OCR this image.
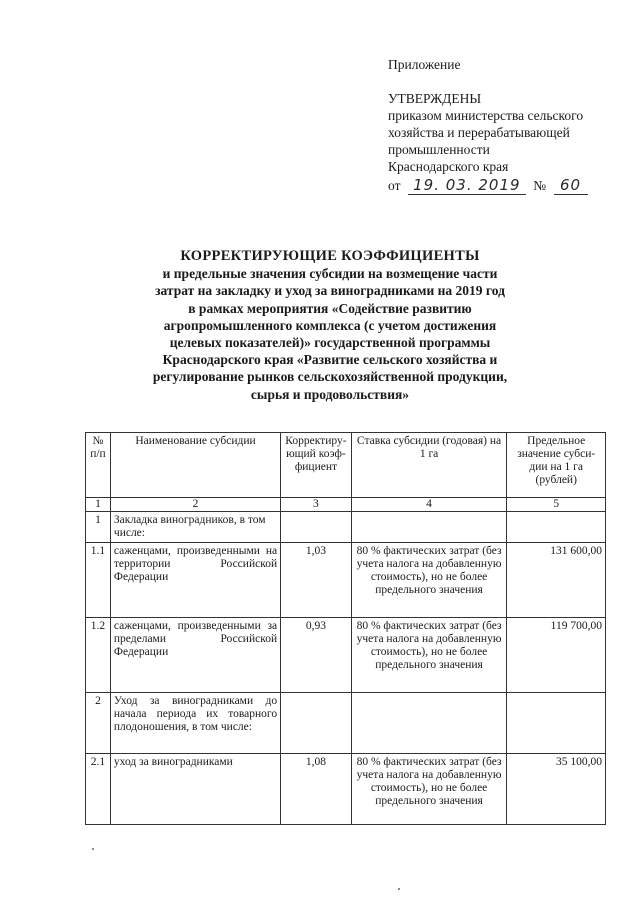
Приложение
УТВЕРЖДЕНЫ
приказом министерства сельского
хозяйства и перерабатывающей
промышленности
Краснодарского края
от 19. 03. 2019 № 60
КОРРЕКТИРУЮЩИЕ КОЭФФИЦИЕНТЫ
и предельные значения субсидии на возмещение части
затрат на закладку и уход за виноградниками на 2019 год
в рамках мероприятия «Содействие развитию
агропромышленного комплекса (с учетом достижения
целевых показателей)» государственной программы
Краснодарского края «Развитие сельского хозяйства и
регулирование рынков сельскохозяйственной продукции,
сырья и продовольствия»
№ п/п	Наименование субсидии	Корректиру-ющий коэф-фициент	Ставка субсидии (годовая) на 1 га	Предельное значение субси-дии на 1 га (рублей)
1	2	3	4	5
1	Закладка виноградников, в том числе:			
1.1	саженцами, произведенными на территории Российской Федерации	1,03	80 % фактических затрат (без учета налога на добавленную стоимость), но не более предельного значения	131 600,00
1.2	саженцами, произведенными за пределами Российской Федерации	0,93	80 % фактических затрат (без учета налога на добавленную стоимость), но не более предельного значения	119 700,00
2	Уход за виноградниками до начала периода их товарного плодоношения, в том числе:			
2.1	уход за виноградниками	1,08	80 % фактических затрат (без учета налога на добавленную стоимость), но не более предельного значения	35 100,00
